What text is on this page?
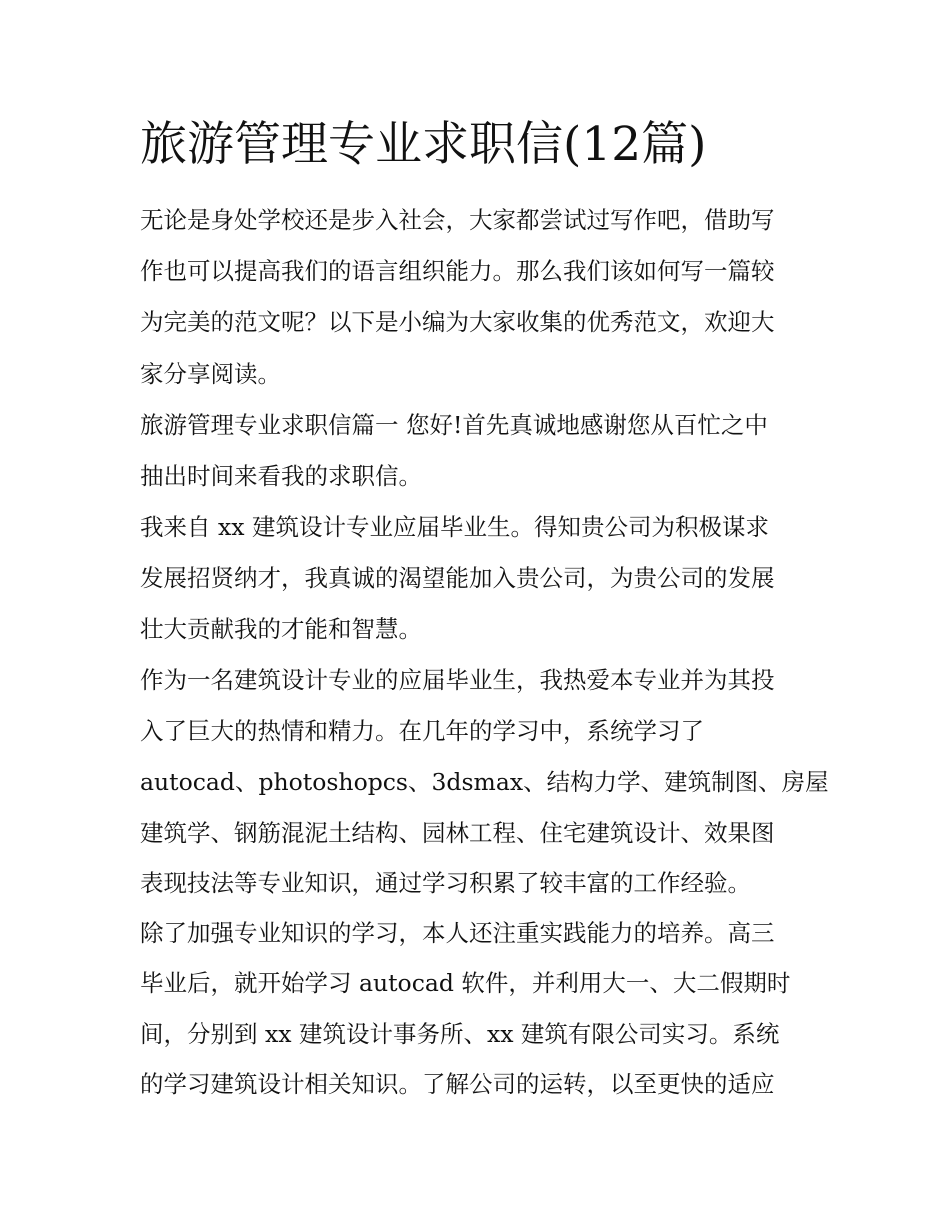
旅游管理专业求职信(12篇)

无论是身处学校还是步入社会，大家都尝试过写作吧，借助写

作也可以提高我们的语言组织能力。那么我们该如何写一篇较

为完美的范文呢？以下是小编为大家收集的优秀范文，欢迎大

家分享阅读。

旅游管理专业求职信篇一 您好!首先真诚地感谢您从百忙之中

抽出时间来看我的求职信。

我来自 xx 建筑设计专业应届毕业生。得知贵公司为积极谋求

发展招贤纳才，我真诚的渴望能加入贵公司，为贵公司的发展

壮大贡献我的才能和智慧。

作为一名建筑设计专业的应届毕业生，我热爱本专业并为其投

入了巨大的热情和精力。在几年的学习中，系统学习了

autocad、photoshopcs、3dsmax、结构力学、建筑制图、房屋

建筑学、钢筋混泥土结构、园林工程、住宅建筑设计、效果图

表现技法等专业知识，通过学习积累了较丰富的工作经验。

除了加强专业知识的学习，本人还注重实践能力的培养。高三

毕业后，就开始学习 autocad 软件，并利用大一、大二假期时

间，分别到 xx 建筑设计事务所、xx 建筑有限公司实习。系统

的学习建筑设计相关知识。了解公司的运转，以至更快的适应
